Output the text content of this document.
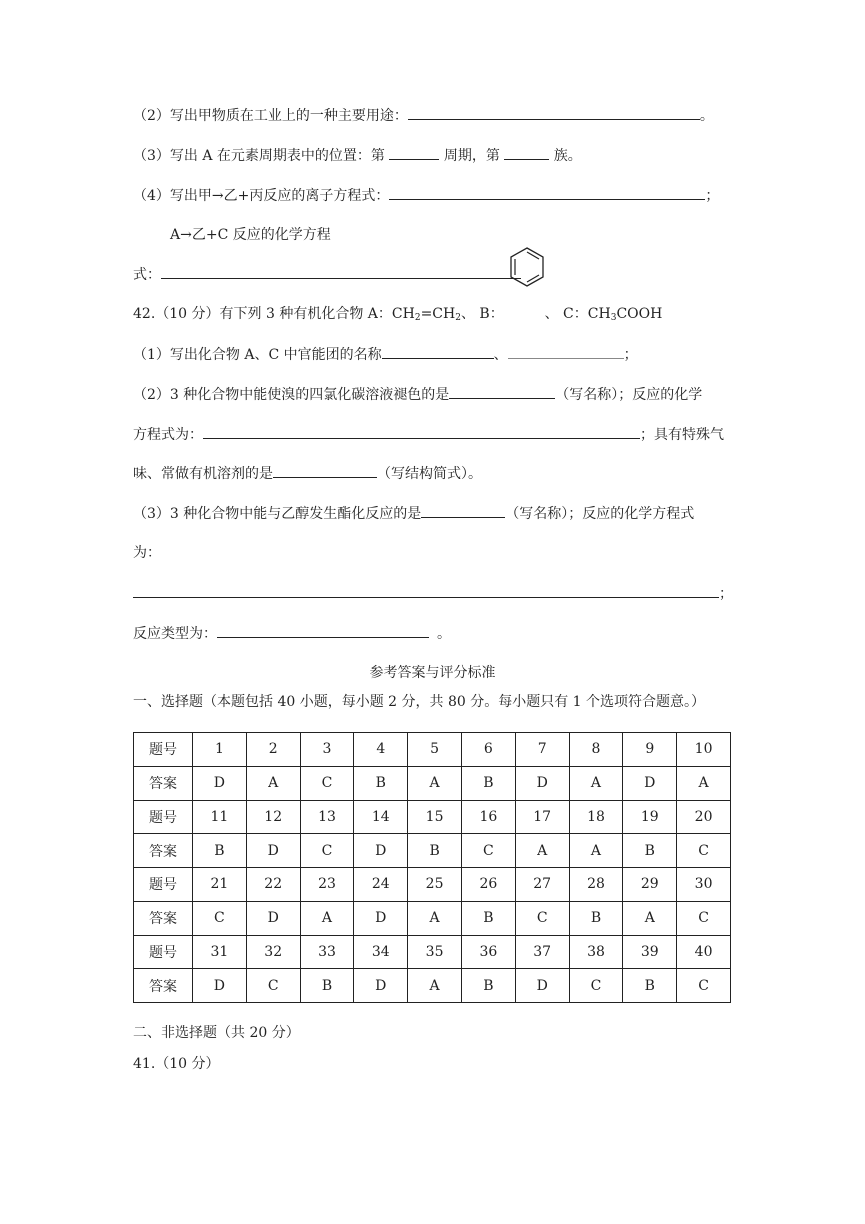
（2）写出甲物质在工业上的一种主要用途：	。
（3）写出 A 在元素周期表中的位置：第	周期，第	族。
（4）写出甲→乙+丙反应的离子方程式：	；
A→乙+C 反应的化学方程
式：
42.（10 分）有下列 3 种有机化合物 A：$CH_2=CH_2$、 B：	、 C：$CH_3COOH$
（1）写出化合物 A、C 中官能团的名称	、	；
（2）3 种化合物中能使溴的四氯化碳溶液褪色的是	（写名称）；反应的化学
方程式为：	；具有特殊气
味、常做有机溶剂的是	（写结构简式）。
（3）3 种化合物中能与乙醇发生酯化反应的是	（写名称）；反应的化学方程式
为：
；
反应类型为：	。
参考答案与评分标准
一、选择题（本题包括 40 小题，每小题 2 分，共 80 分。每小题只有 1 个选项符合题意。）
题号	1	2	3	4	5	6	7	8	9	10
答案	D	A	C	B	A	B	D	A	D	A
题号	11	12	13	14	15	16	17	18	19	20
答案	B	D	C	D	B	C	A	A	B	C
题号	21	22	23	24	25	26	27	28	29	30
答案	C	D	A	D	A	B	C	B	A	C
题号	31	32	33	34	35	36	37	38	39	40
答案	D	C	B	D	A	B	D	C	B	C
二、非选择题（共 20 分）
41.（10 分）
